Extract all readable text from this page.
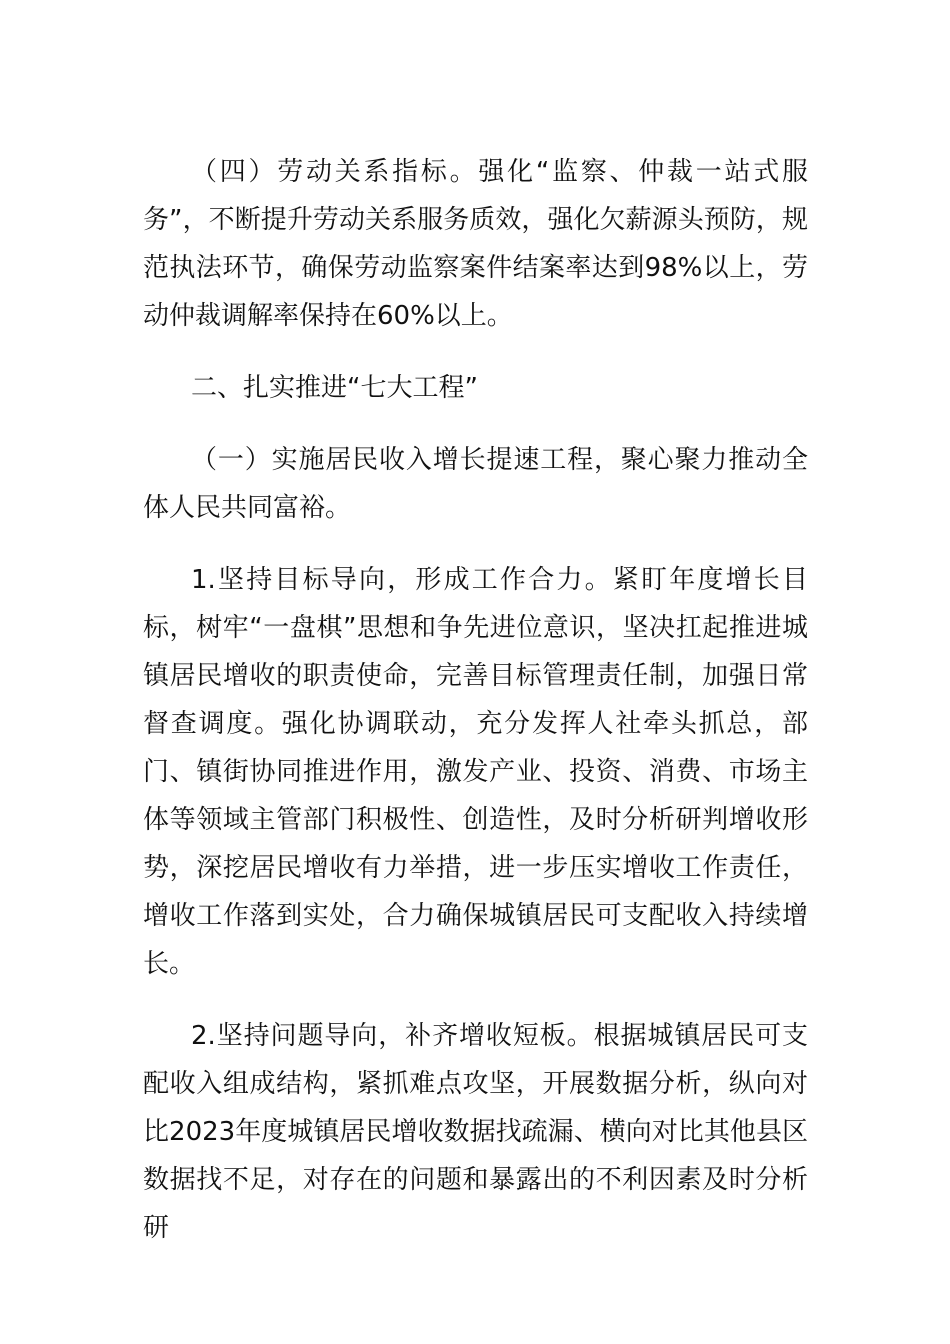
（四）劳动关系指标。强化“监察、仲裁一站式服务”，不断提升劳动关系服务质效，强化欠薪源头预防，规范执法环节，确保劳动监察案件结案率达到98%以上，劳动仲裁调解率保持在60%以上。

二、扎实推进“七大工程”

（一）实施居民收入增长提速工程，聚心聚力推动全体人民共同富裕。

1.坚持目标导向，形成工作合力。紧盯年度增长目标，树牢“一盘棋”思想和争先进位意识，坚决扛起推进城镇居民增收的职责使命，完善目标管理责任制，加强日常督查调度。强化协调联动，充分发挥人社牵头抓总，部门、镇街协同推进作用，激发产业、投资、消费、市场主体等领域主管部门积极性、创造性，及时分析研判增收形势，深挖居民增收有力举措，进一步压实增收工作责任，增收工作落到实处，合力确保城镇居民可支配收入持续增长。

2.坚持问题导向，补齐增收短板。根据城镇居民可支配收入组成结构，紧抓难点攻坚，开展数据分析，纵向对比2023年度城镇居民增收数据找疏漏、横向对比其他县区数据找不足，对存在的问题和暴露出的不利因素及时分析研
